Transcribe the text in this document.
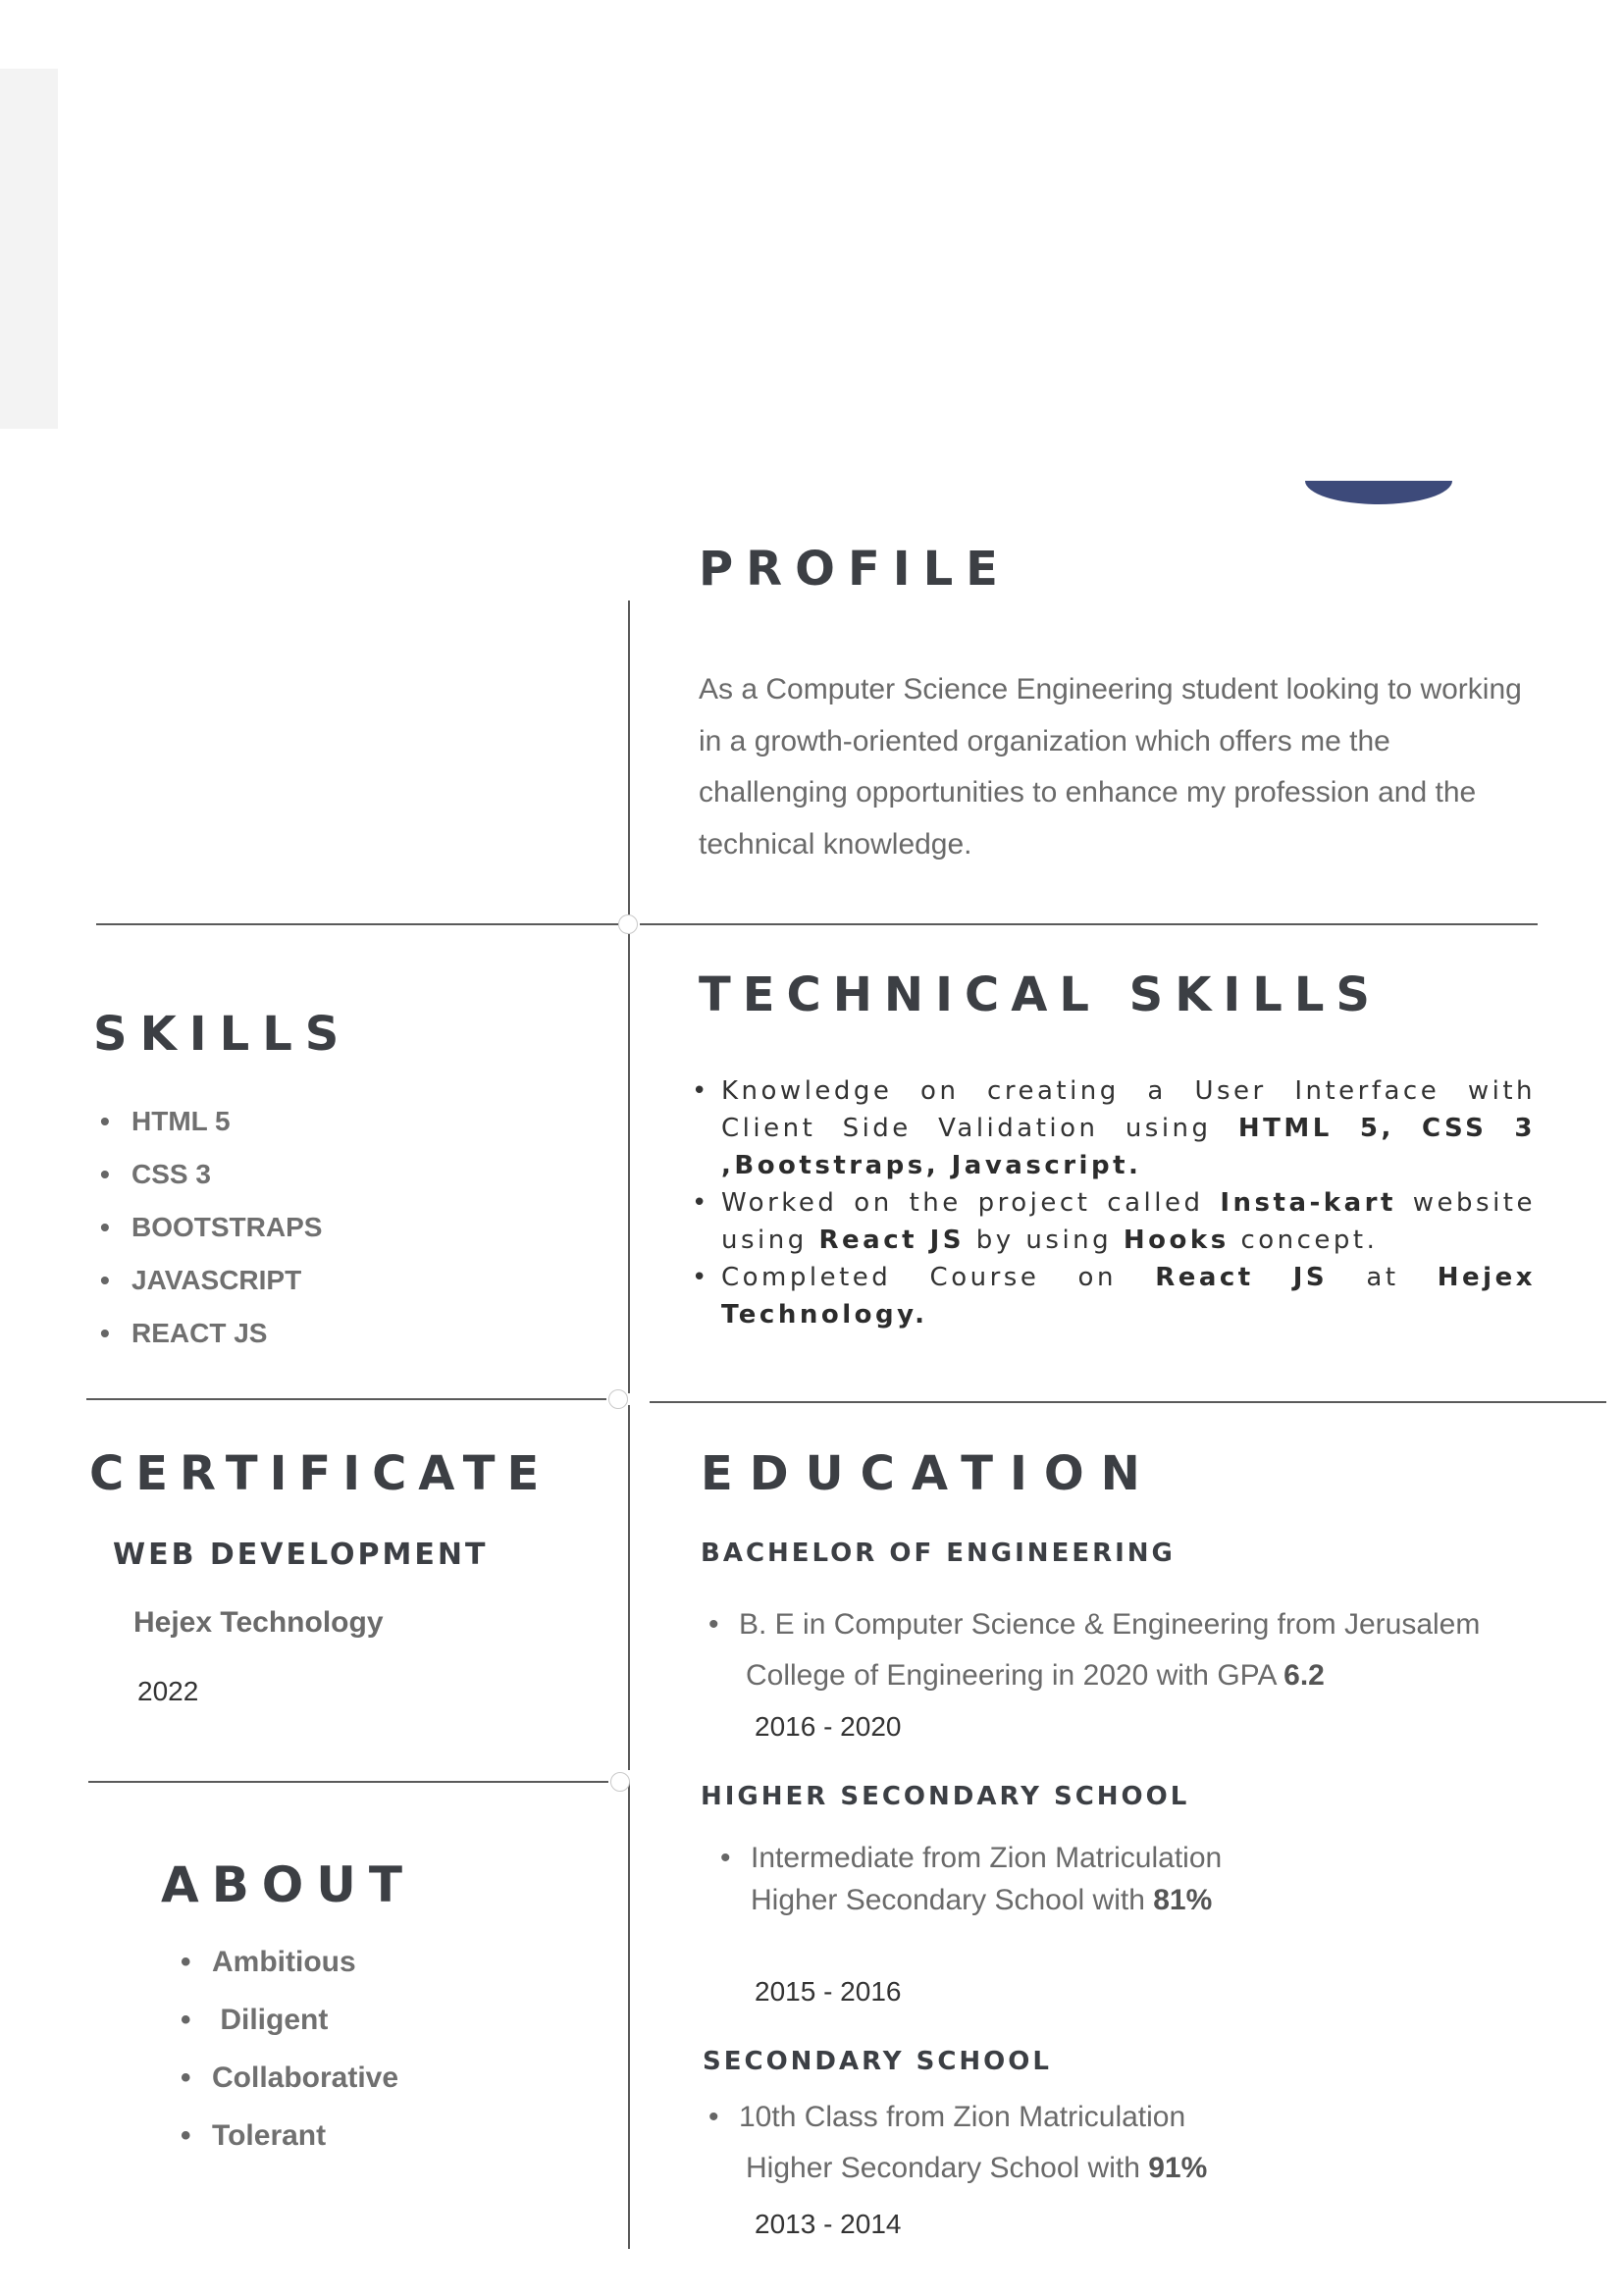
PROFILE

As a Computer Science Engineering student looking to working in a growth-oriented organization which offers me the challenging opportunities to enhance my profession and the technical knowledge.

SKILLS
• HTML 5
• CSS 3
• BOOTSTRAPS
• JAVASCRIPT
• REACT JS
TECHNICAL SKILLS
• Knowledge on creating a User Interface with Client Side Validation using HTML 5, CSS 3 ,Bootstraps, Javascript.
• Worked on the project called Insta-kart website using React JS by using Hooks concept.
• Completed Course on React JS at Hejex Technology.
CERTIFICATE
WEB DEVELOPMENT
Hejex Technology
2022
EDUCATION
BACHELOR OF ENGINEERING
• B. E in Computer Science & Engineering from Jerusalem
College of Engineering in 2020 with GPA 6.2
2016 - 2020
HIGHER SECONDARY SCHOOL
• Intermediate from Zion Matriculation
Higher Secondary School with 81%
2015 - 2016
SECONDARY SCHOOL
• 10th Class from Zion Matriculation
Higher Secondary School with 91%
2013 - 2014
ABOUT
• Ambitious
•  Diligent
• Collaborative
• Tolerant
